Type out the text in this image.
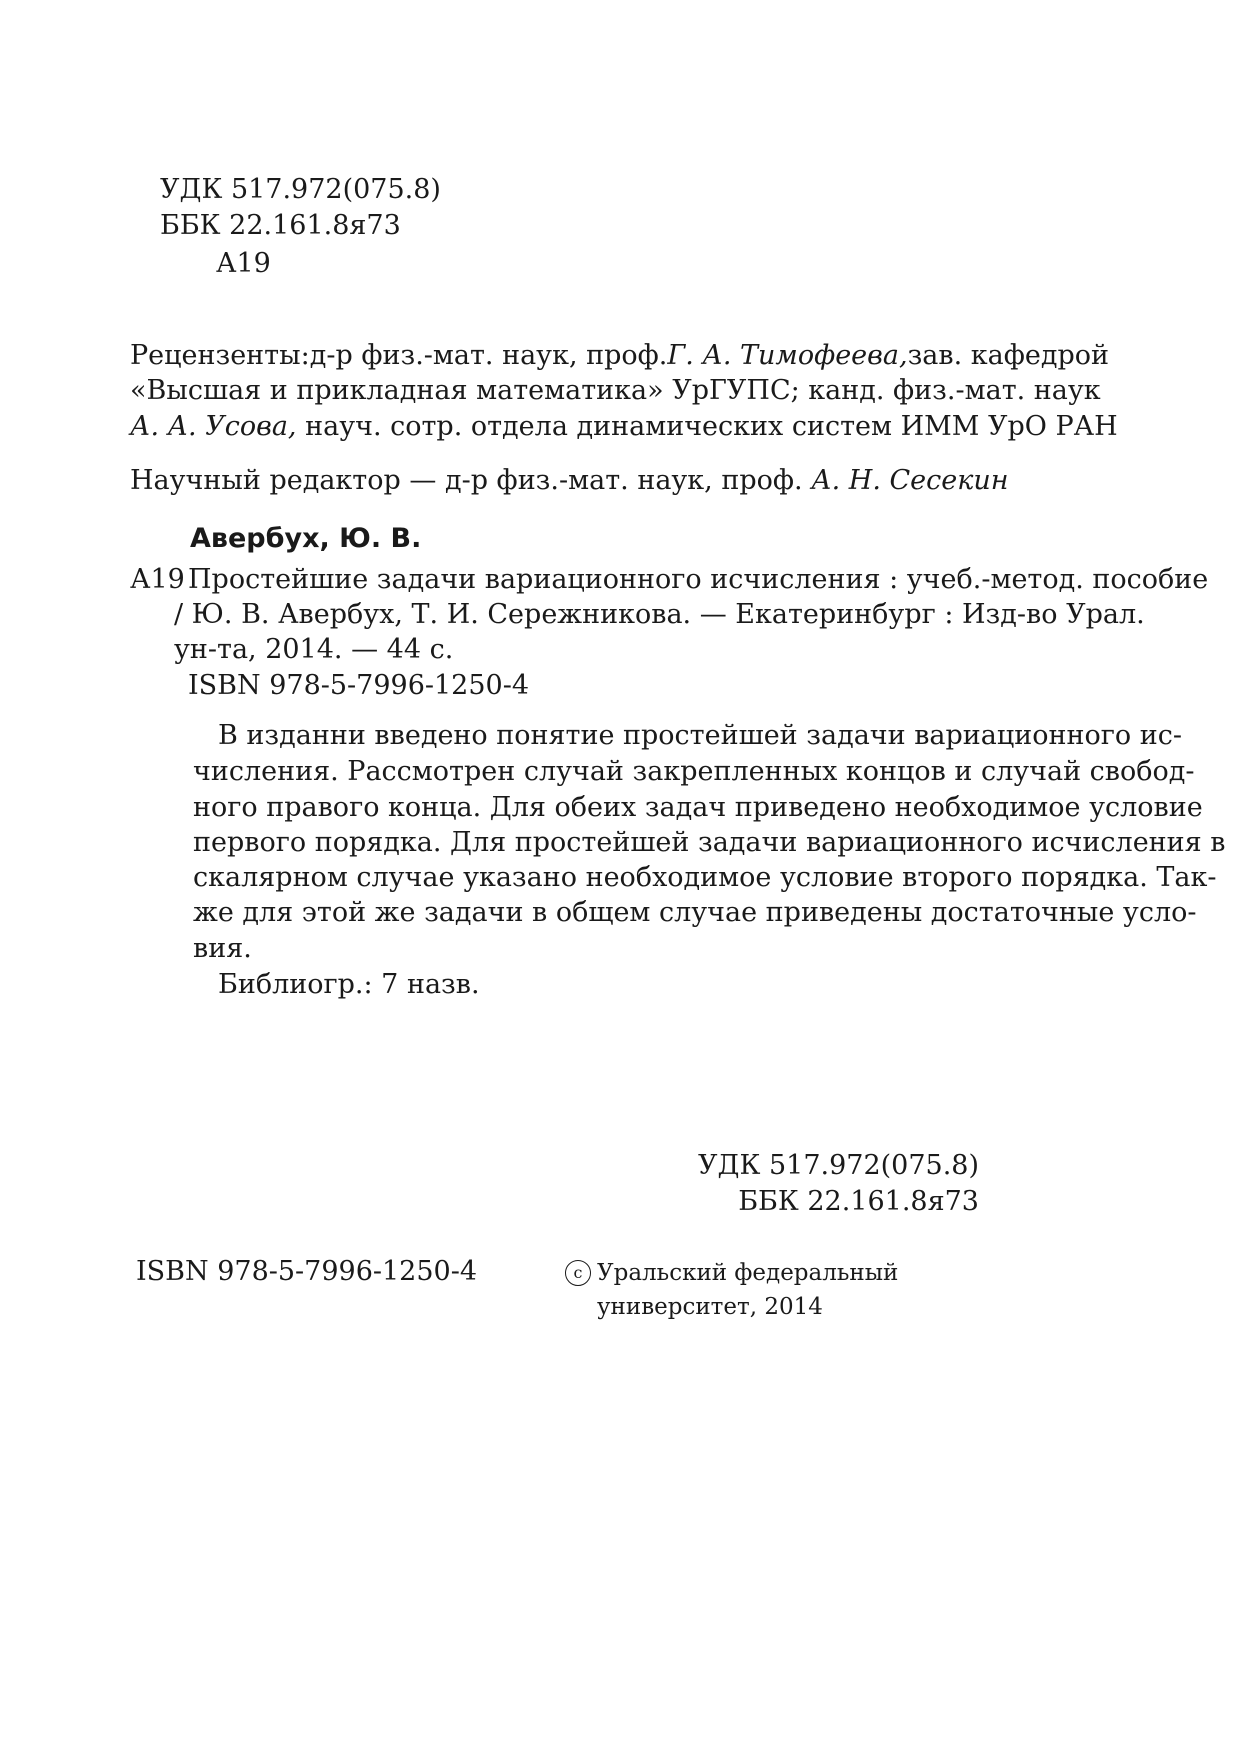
УДК 517.972(075.8)
ББК 22.161.8я73
А19
Рецензенты: д-р физ.-мат. наук, проф. Г. А. Тимофеева, зав. кафедрой
«Высшая и прикладная математика» УрГУПС; канд. физ.-мат. наук
А. А. Усова, науч. сотр. отдела динамических систем ИММ УрО РАН
Научный редактор — д-р физ.-мат. наук, проф. А. Н. Сесекин
Авербух, Ю. В.
А19 Простейшие задачи вариационного исчисления : учеб.-метод. пособие
/ Ю. В. Авербух, Т. И. Сережникова. — Екатеринбург : Изд-во Урал.
ун-та, 2014. — 44 с.
ISBN 978-5-7996-1250-4
В изданни введено понятие простейшей задачи вариационного ис-
числения. Рассмотрен случай закрепленных концов и случай свобод-
ного правого конца. Для обеих задач приведено необходимое условие
первого порядка. Для простейшей задачи вариационного исчисления в
скалярном случае указано необходимое условие второго порядка. Так-
же для этой же задачи в общем случае приведены достаточные усло-
вия.
Библиогр.: 7 назв.
УДК 517.972(075.8)
ББК 22.161.8я73
ISBN 978-5-7996-1250-4	c Уральский федеральный
университет, 2014
